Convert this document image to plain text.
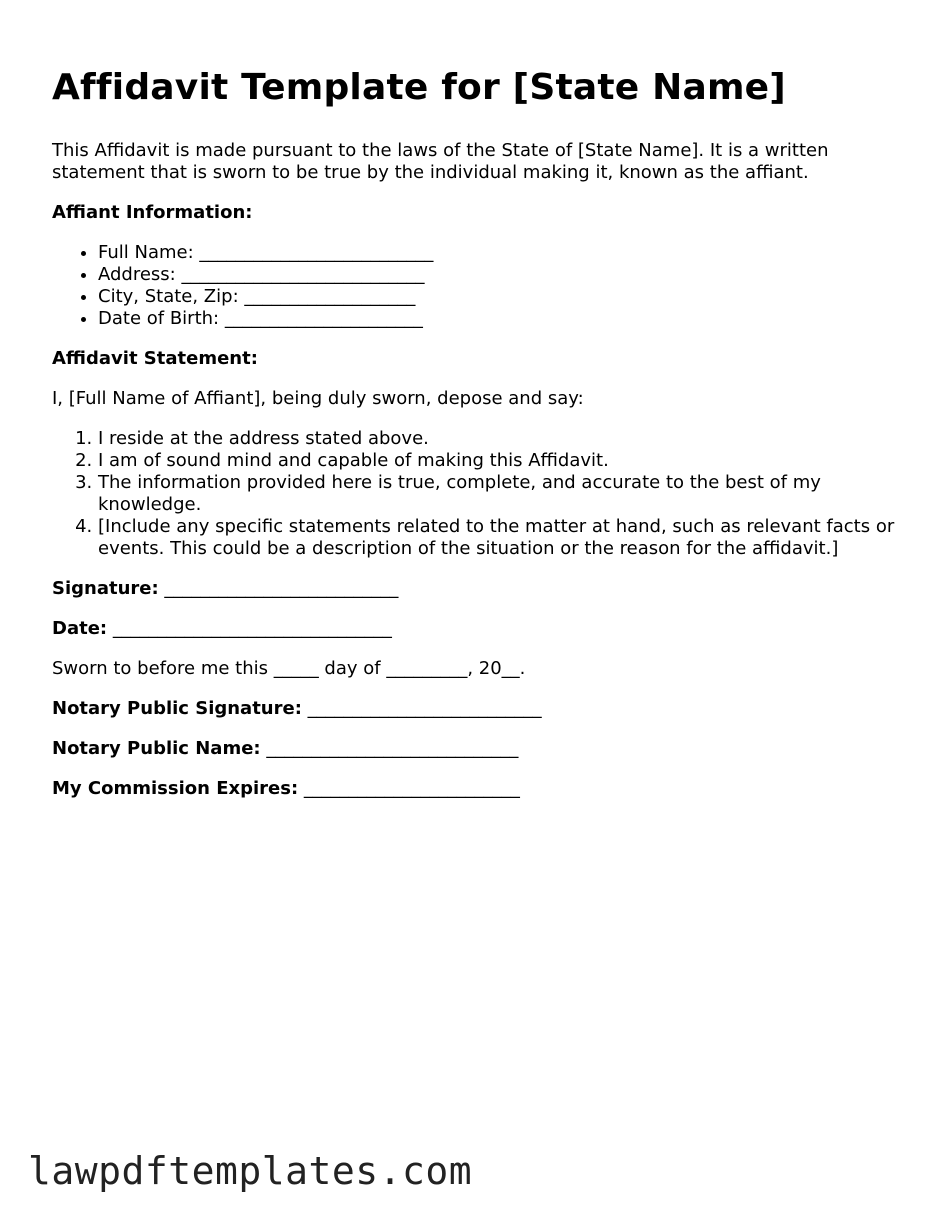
Affidavit Template for [State Name]

This Affidavit is made pursuant to the laws of the State of [State Name]. It is a written statement that is sworn to be true by the individual making it, known as the affiant.

Affiant Information:

• Full Name: __________________________
• Address: ___________________________
• City, State, Zip: ___________________
• Date of Birth: ______________________

Affidavit Statement:

I, [Full Name of Affiant], being duly sworn, depose and say:

1. I reside at the address stated above.
2. I am of sound mind and capable of making this Affidavit.
3. The information provided here is true, complete, and accurate to the best of my knowledge.
4. [Include any specific statements related to the matter at hand, such as relevant facts or events. This could be a description of the situation or the reason for the affidavit.]

Signature: __________________________

Date: _______________________________

Sworn to before me this _____ day of _________, 20__.

Notary Public Signature: __________________________

Notary Public Name: ____________________________

My Commission Expires: ________________________

lawpdftemplates.com
